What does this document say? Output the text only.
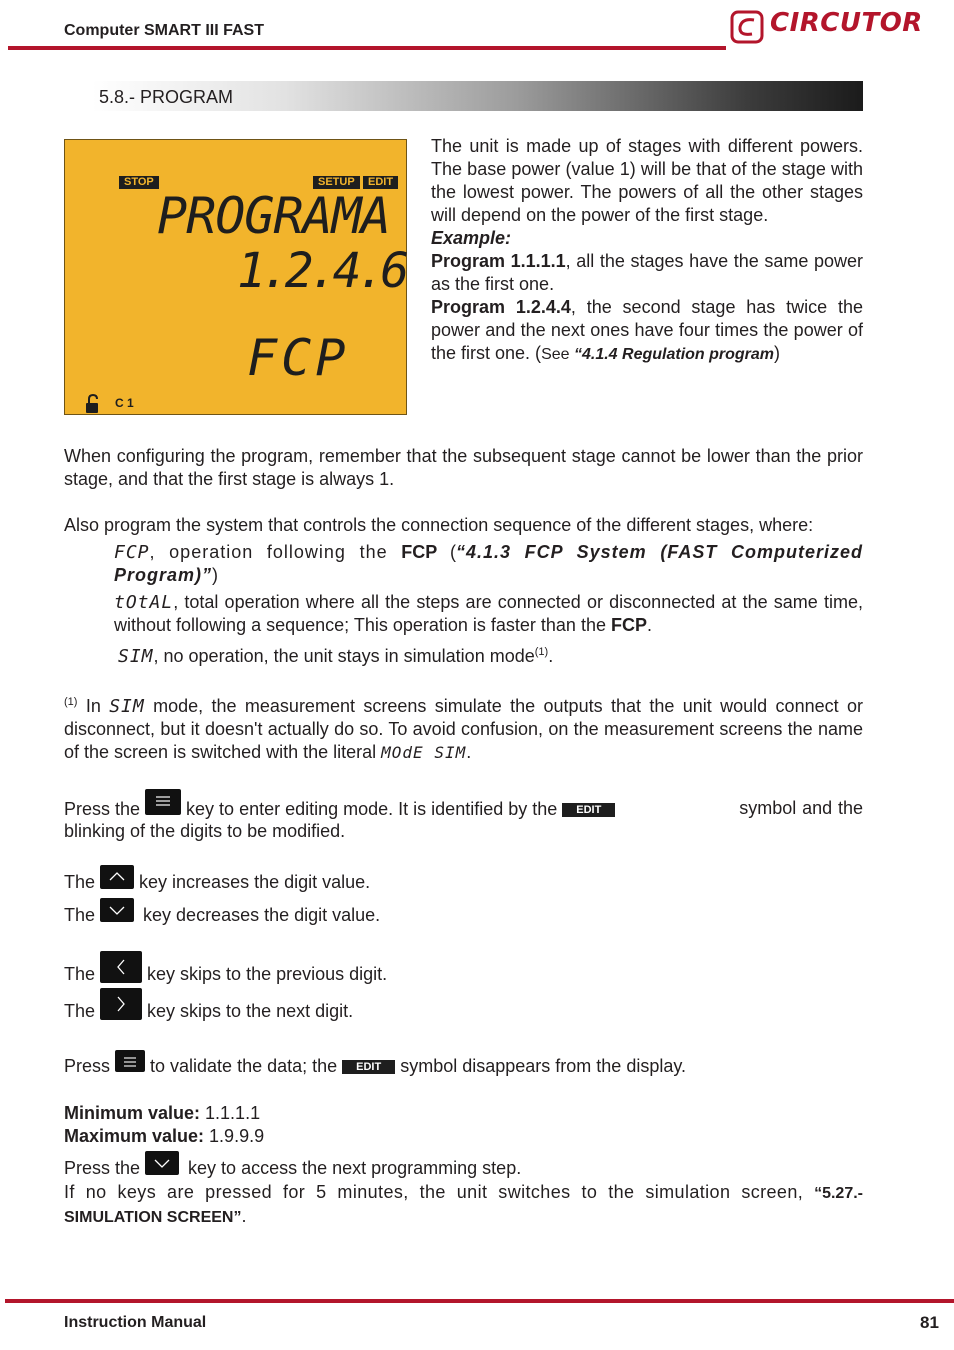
Computer SMART III FAST	CIRCUTOR
5.8.- PROGRAM
STOP	SETUP	EDIT
PROGRAMA
1.2.4.6
FCP
C 1
The unit is made up of stages with different powers. The base power (value 1) will be that of the stage with the lowest power. The powers of all the other stages will depend on the power of the first stage.
Example:
Program 1.1.1.1, all the stages have the same power as the first one.
Program 1.2.4.4, the second stage has twice the power and the next ones have four times the power of the first one. (See “4.1.4 Regulation program)
When configuring the program, remember that the subsequent stage cannot be lower than the prior stage, and that the first stage is always 1.
Also program the system that controls the connection sequence of the different stages, where:
FCP, operation following the FCP (“4.1.3 FCP System (FAST Computerized Program)”)
tOtAL, total operation where all the steps are connected or disconnected at the same time, without following a sequence; This operation is faster than the FCP.
SIM, no operation, the unit stays in simulation mode$^{(1)}$.
$^{(1)}$ In SIM mode, the measurement screens simulate the outputs that the unit would connect or disconnect, but it doesn't actually do so. To avoid confusion, on the measurement screens the name of the screen is switched with the literal MOdE SIM.
Press the  key to enter editing mode. It is identified by the EDIT	symbol and the blinking of the digits to be modified.
The  key increases the digit value.
The  key decreases the digit value.
The  key skips to the previous digit.
The  key skips to the next digit.
Press  to validate the data; the EDIT symbol disappears from the display.
Minimum value: 1.1.1.1
Maximum value: 1.9.9.9
Press the  key to access the next programming step.
If no keys are pressed for 5 minutes, the unit switches to the simulation screen, “5.27.- SIMULATION SCREEN”.
Instruction Manual	81
